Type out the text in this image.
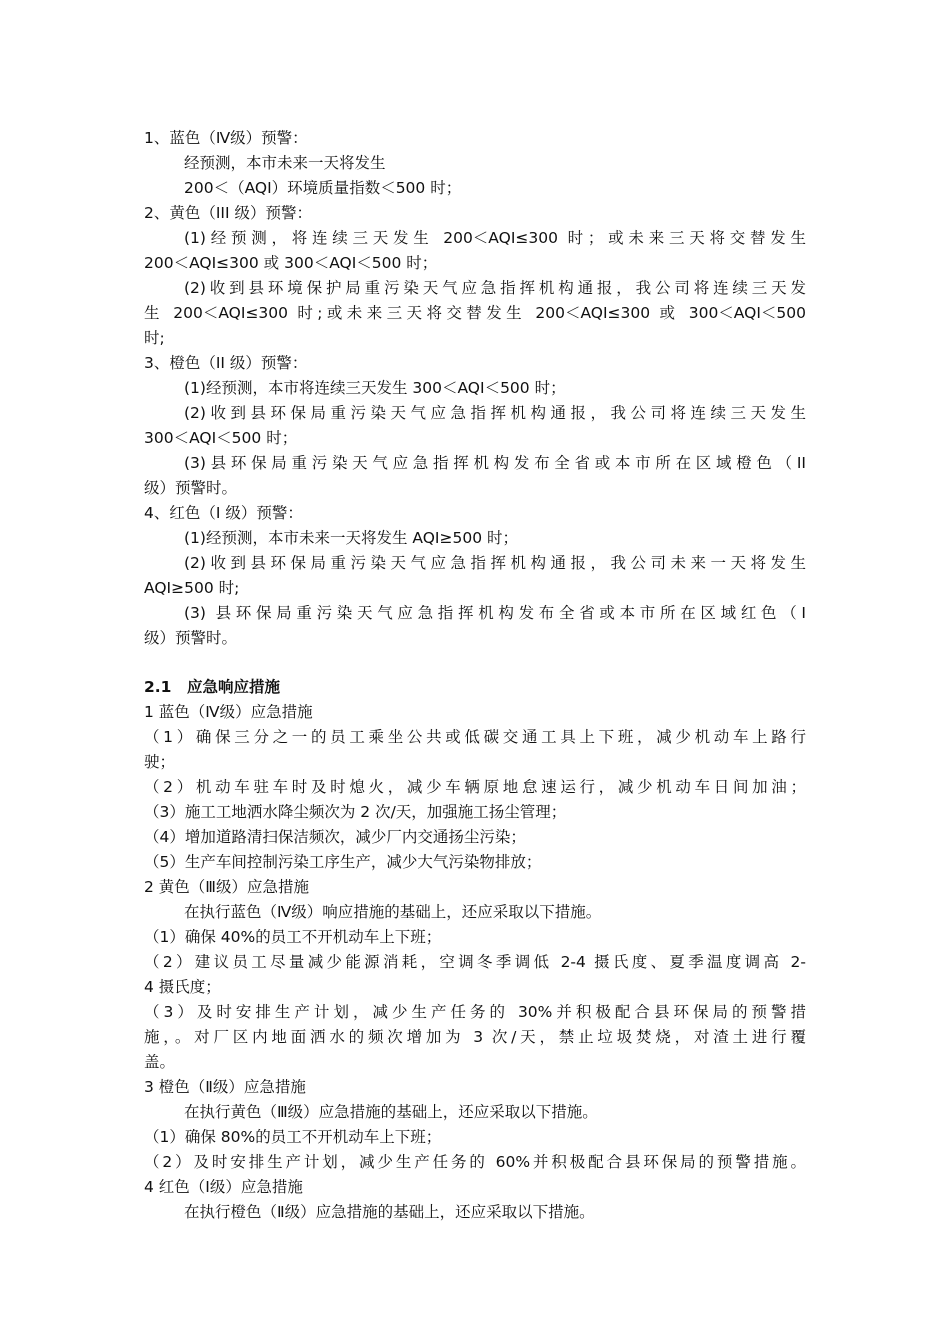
1、蓝色（Ⅳ级）预警：
经预测，本市未来一天将发生
200＜（AQI）环境质量指数＜500 时；
2、黄色（III 级）预警：
(1)经预测，将连续三天发生 200＜AQI≤300 时；或未来三天将交替发生
200＜AQI≤300 或 300＜AQI＜500 时；
(2)收到县环境保护局重污染天气应急指挥机构通报，我公司将连续三天发
生 200＜AQI≤300 时;或未来三天将交替发生 200＜AQI≤300 或 300＜AQI＜500
时;
3、橙色（II 级）预警：
(1)经预测，本市将连续三天发生 300＜AQI＜500 时；
(2)收到县环保局重污染天气应急指挥机构通报，我公司将连续三天发生
300＜AQI＜500 时；
(3)县环保局重污染天气应急指挥机构发布全省或本市所在区域橙色（II
级）预警时。
4、红色（I 级）预警：
(1)经预测，本市未来一天将发生 AQI≥500 时；
(2)收到县环保局重污染天气应急指挥机构通报，我公司未来一天将发生
AQI≥500 时;
(3) 县环保局重污染天气应急指挥机构发布全省或本市所在区域红色（I
级）预警时。
2.1　应急响应措施
1 蓝色（Ⅳ级）应急措施
（1）确保三分之一的员工乘坐公共或低碳交通工具上下班，减少机动车上路行
驶；
（2）机动车驻车时及时熄火，减少车辆原地怠速运行，减少机动车日间加油；
（3）施工工地洒水降尘频次为 2 次/天，加强施工扬尘管理；
（4）增加道路清扫保洁频次，减少厂内交通扬尘污染；
（5）生产车间控制污染工序生产，减少大气污染物排放；
2 黄色（Ⅲ级）应急措施
在执行蓝色（Ⅳ级）响应措施的基础上，还应采取以下措施。
（1）确保 40%的员工不开机动车上下班；
（2）建议员工尽量减少能源消耗，空调冬季调低 2-4 摄氏度、夏季温度调高 2-
4 摄氏度；
（3）及时安排生产计划，减少生产任务的 30%并积极配合县环保局的预警措
施，。对厂区内地面洒水的频次增加为 3 次/天，禁止垃圾焚烧，对渣土进行覆
盖。
3 橙色（Ⅱ级）应急措施
在执行黄色（Ⅲ级）应急措施的基础上，还应采取以下措施。
（1）确保 80%的员工不开机动车上下班；
（2）及时安排生产计划，减少生产任务的 60%并积极配合县环保局的预警措施。
4 红色（Ⅰ级）应急措施
在执行橙色（Ⅱ级）应急措施的基础上，还应采取以下措施。
